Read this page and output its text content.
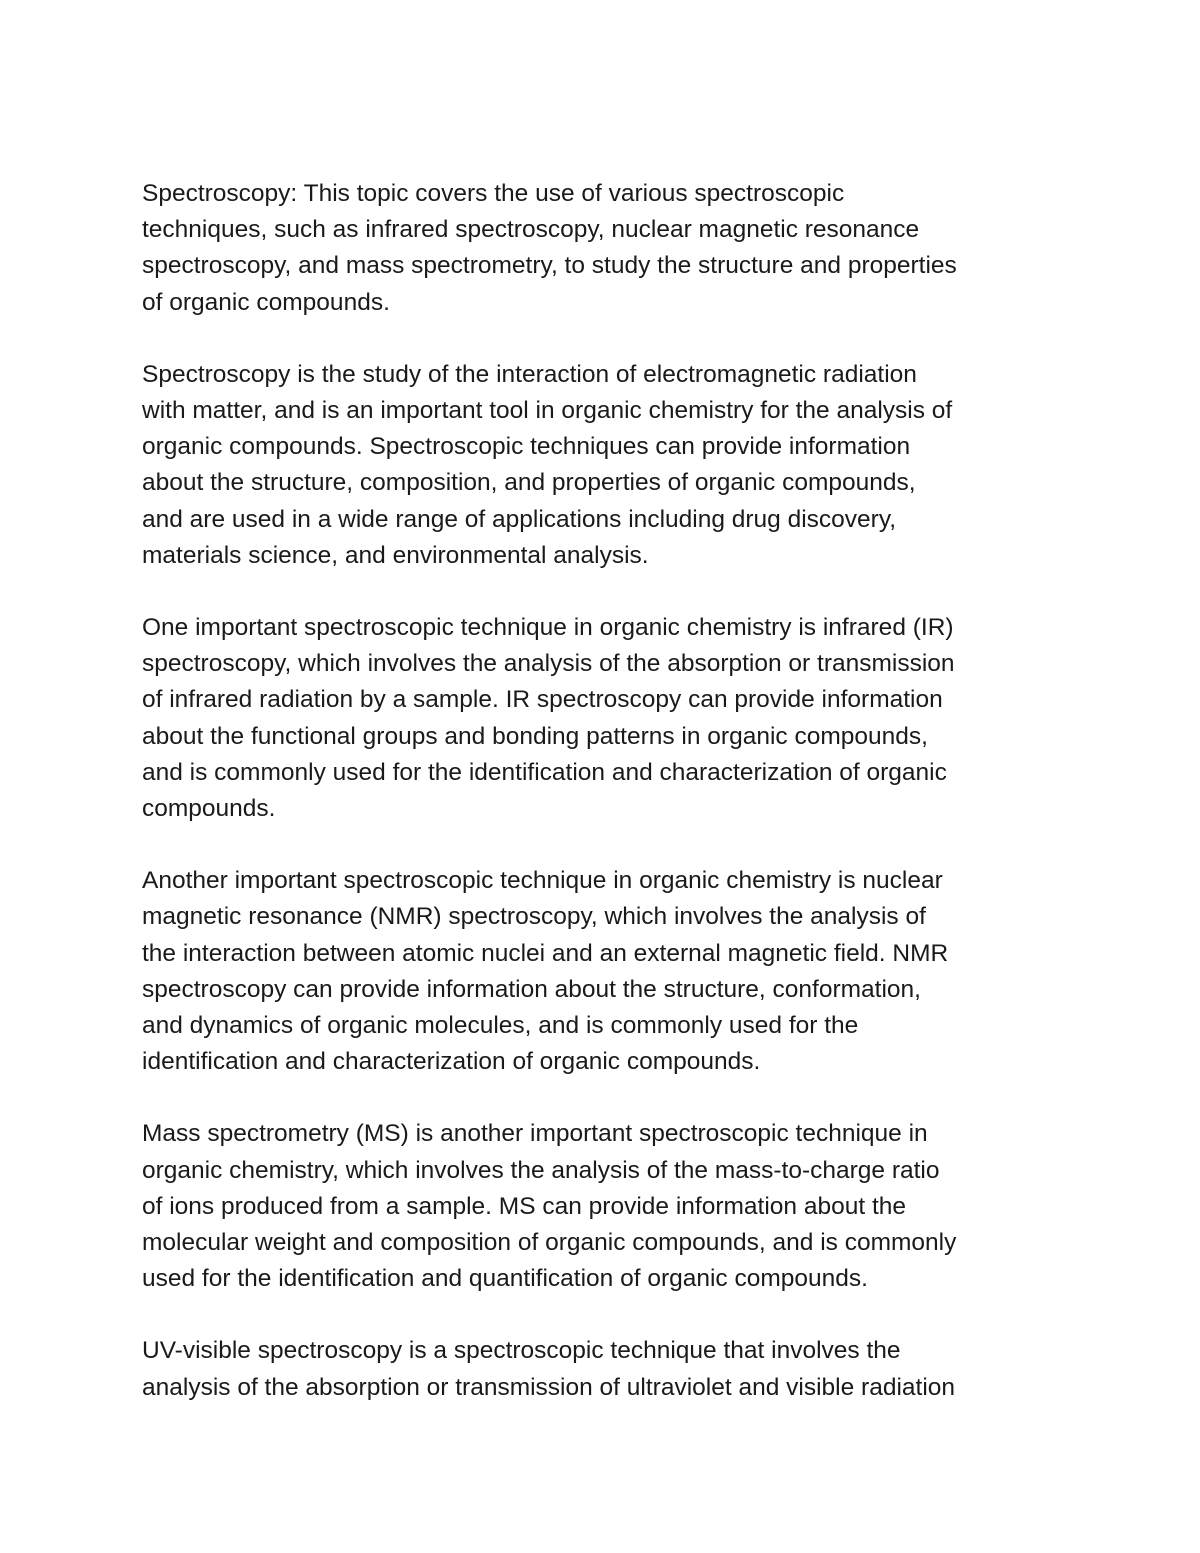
Spectroscopy: This topic covers the use of various spectroscopic
techniques, such as infrared spectroscopy, nuclear magnetic resonance
spectroscopy, and mass spectrometry, to study the structure and properties
of organic compounds.
Spectroscopy is the study of the interaction of electromagnetic radiation
with matter, and is an important tool in organic chemistry for the analysis of
organic compounds. Spectroscopic techniques can provide information
about the structure, composition, and properties of organic compounds,
and are used in a wide range of applications including drug discovery,
materials science, and environmental analysis.
One important spectroscopic technique in organic chemistry is infrared (IR)
spectroscopy, which involves the analysis of the absorption or transmission
of infrared radiation by a sample. IR spectroscopy can provide information
about the functional groups and bonding patterns in organic compounds,
and is commonly used for the identification and characterization of organic
compounds.
Another important spectroscopic technique in organic chemistry is nuclear
magnetic resonance (NMR) spectroscopy, which involves the analysis of
the interaction between atomic nuclei and an external magnetic field. NMR
spectroscopy can provide information about the structure, conformation,
and dynamics of organic molecules, and is commonly used for the
identification and characterization of organic compounds.
Mass spectrometry (MS) is another important spectroscopic technique in
organic chemistry, which involves the analysis of the mass-to-charge ratio
of ions produced from a sample. MS can provide information about the
molecular weight and composition of organic compounds, and is commonly
used for the identification and quantification of organic compounds.
UV-visible spectroscopy is a spectroscopic technique that involves the
analysis of the absorption or transmission of ultraviolet and visible radiation
